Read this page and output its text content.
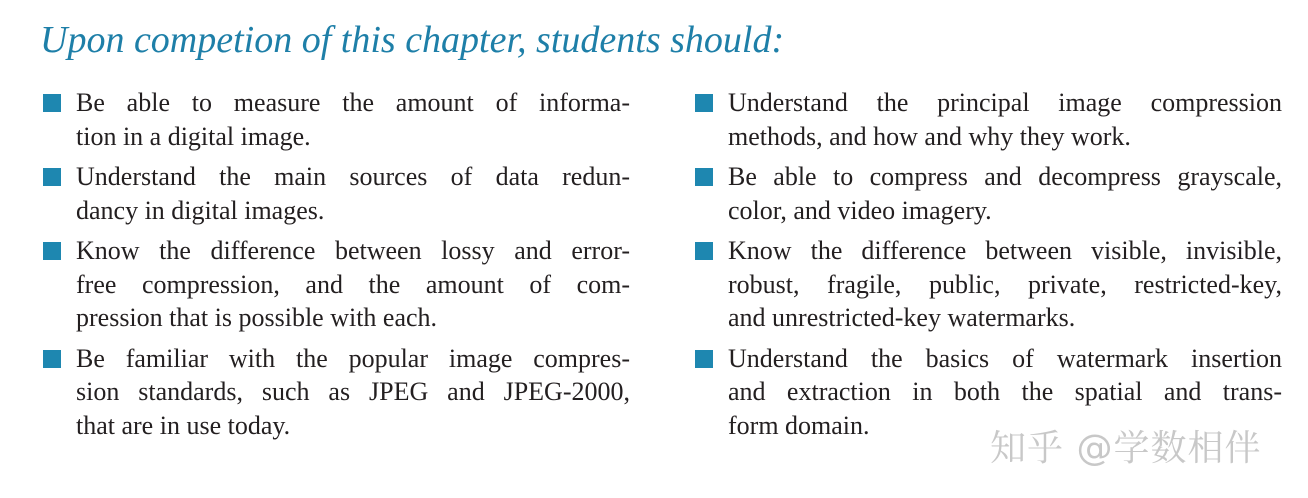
Upon competion of this chapter, students should:
Be able to measure the amount of informa-
tion in a digital image.
Understand the main sources of data redun-
dancy in digital images.
Know the difference between lossy and error-
free compression, and the amount of com-
pression that is possible with each.
Be familiar with the popular image compres-
sion standards, such as JPEG and JPEG-2000,
that are in use today.
Understand the principal image compression
methods, and how and why they work.
Be able to compress and decompress grayscale,
color, and video imagery.
Know the difference between visible, invisible,
robust, fragile, public, private, restricted-key,
and unrestricted-key watermarks.
Understand the basics of watermark insertion
and extraction in both the spatial and trans-
form domain.
知乎 @学数相伴
